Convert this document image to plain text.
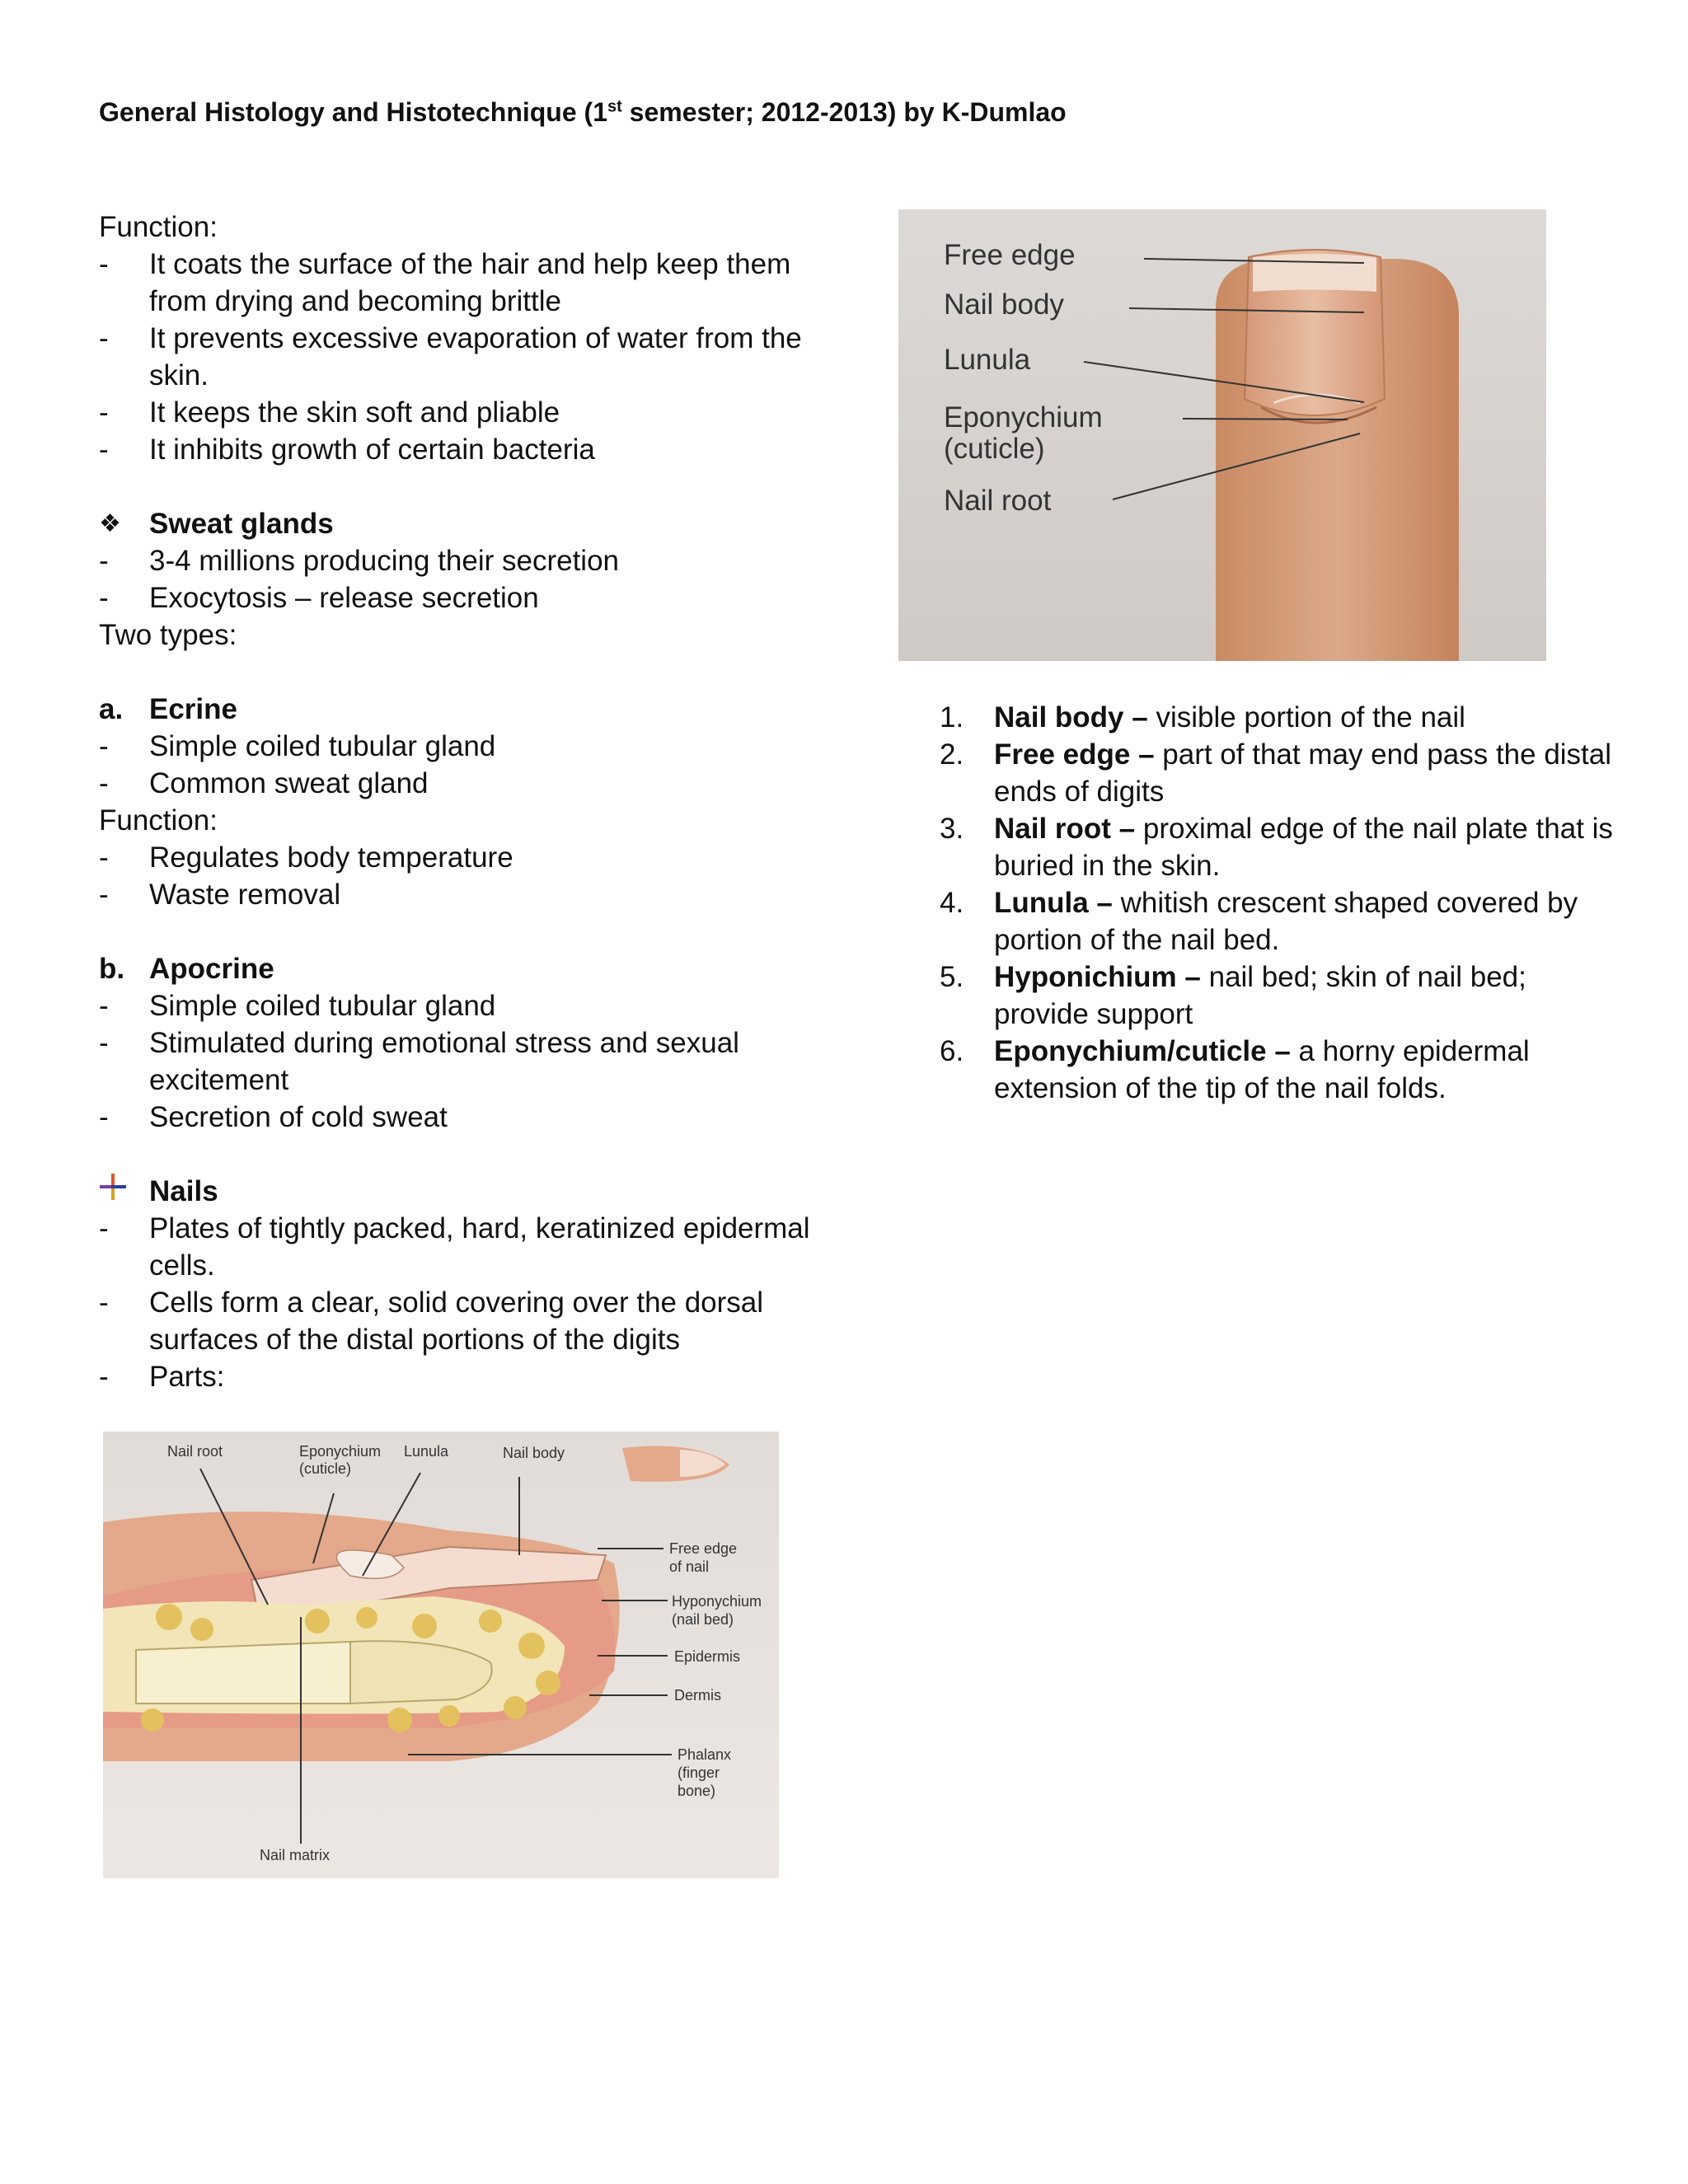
General Histology and Histotechnique (1st semester; 2012-2013) by K-Dumlao

Function:

- It coats the surface of the hair and help keep them from drying and becoming brittle
- It prevents excessive evaporation of water from the skin.
- It keeps the skin soft and pliable
- It inhibits growth of certain bacteria
❖ Sweat glands
- 3-4 millions producing their secretion
- Exocytosis – release secretion

Two types:

a. Ecrine
- Simple coiled tubular gland
- Common sweat gland

Function:

- Regulates body temperature
- Waste removal
b. Apocrine
- Simple coiled tubular gland
- Stimulated during emotional stress and sexual excitement
- Secretion of cold sweat
Nails
- Plates of tightly packed, hard, keratinized epidermal cells.
- Cells form a clear, solid covering over the dorsal surfaces of the distal portions of the digits
- Parts:
Free edge
Nail body
Lunula
Eponychium
(cuticle)
Nail root
Nail root	Eponychium
(cuticle)
Lunula	Nail body
Free edge
of nail
Hyponychium
(nail bed)
Epidermis
Dermis
Phalanx
(finger
bone)
Nail matrix
1. Nail body – visible portion of the nail
2. Free edge – part of that may end pass the distal ends of digits
3. Nail root – proximal edge of the nail plate that is buried in the skin.
4. Lunula – whitish crescent shaped covered by portion of the nail bed.
5. Hyponichium – nail bed; skin of nail bed; provide support
6. Eponychium/cuticle – a horny epidermal extension of the tip of the nail folds.
